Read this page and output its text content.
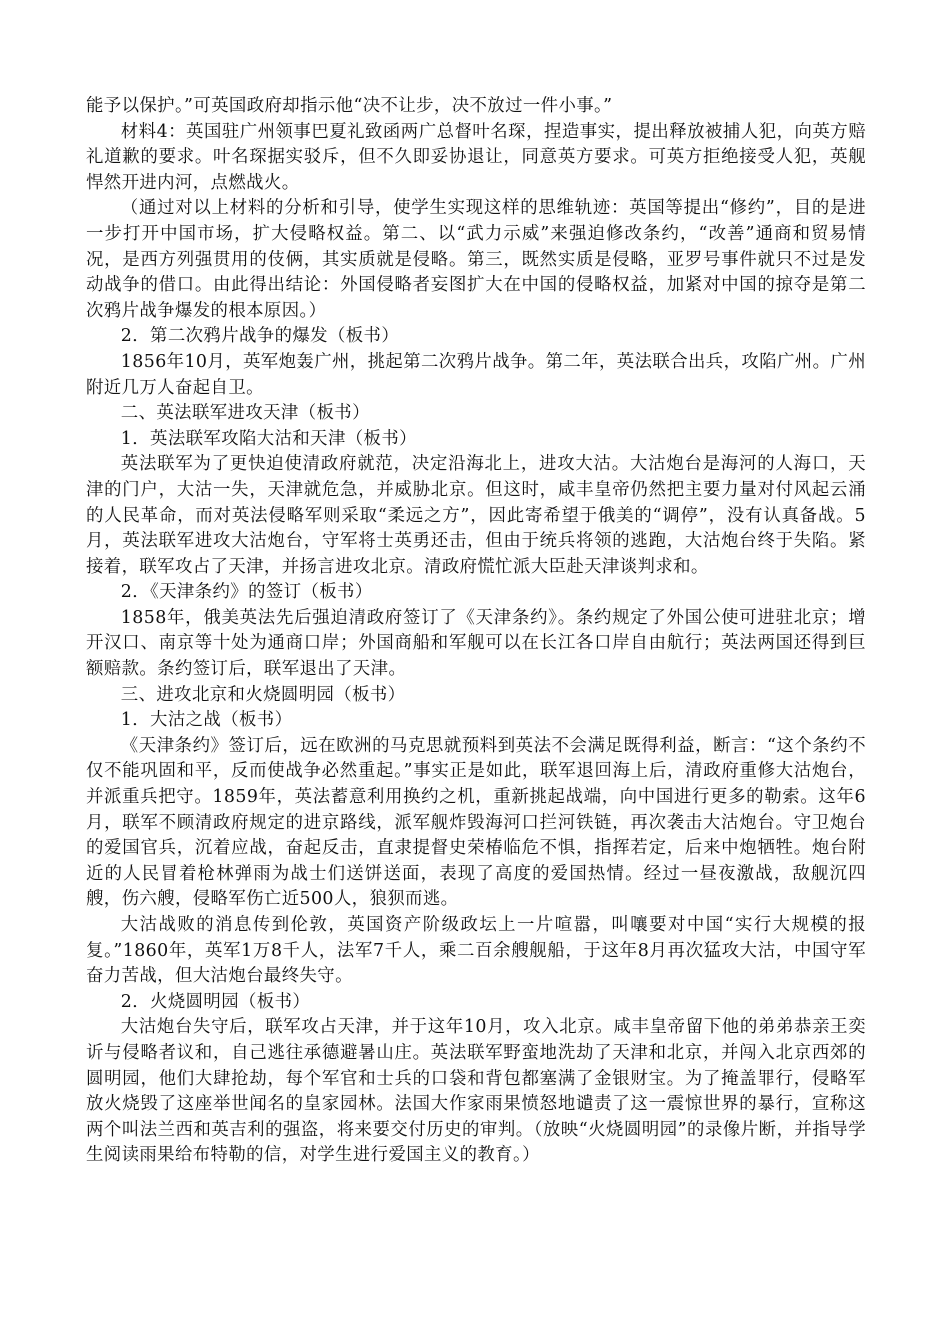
能予以保护。”可英国政府却指示他“决不让步，决不放过一件小事。”

材料4：英国驻广州领事巴夏礼致函两广总督叶名琛，捏造事实，提出释放被捕人犯，向英方赔礼道歉的要求。叶名琛据实驳斥，但不久即妥协退让，同意英方要求。可英方拒绝接受人犯，英舰悍然开进内河，点燃战火。

（通过对以上材料的分析和引导，使学生实现这样的思维轨迹：英国等提出“修约”，目的是进一步打开中国市场，扩大侵略权益。第二、以“武力示威”来强迫修改条约，“改善”通商和贸易情况，是西方列强贯用的伎俩，其实质就是侵略。第三，既然实质是侵略，亚罗号事件就只不过是发动战争的借口。由此得出结论：外国侵略者妄图扩大在中国的侵略权益，加紧对中国的掠夺是第二次鸦片战争爆发的根本原因。）

2．第二次鸦片战争的爆发（板书）

1856年10月，英军炮轰广州，挑起第二次鸦片战争。第二年，英法联合出兵，攻陷广州。广州附近几万人奋起自卫。

二、英法联军进攻天津（板书）

1．英法联军攻陷大沽和天津（板书）

英法联军为了更快迫使清政府就范，决定沿海北上，进攻大沽。大沽炮台是海河的人海口，天津的门户，大沽一失，天津就危急，并威胁北京。但这时，咸丰皇帝仍然把主要力量对付风起云涌的人民革命，而对英法侵略军则采取“柔远之方”，因此寄希望于俄美的“调停”，没有认真备战。5月，英法联军进攻大沽炮台，守军将士英勇还击，但由于统兵将领的逃跑，大沽炮台终于失陷。紧接着，联军攻占了天津，并扬言进攻北京。清政府慌忙派大臣赴天津谈判求和。

2．《天津条约》的签订（板书）

1858年，俄美英法先后强迫清政府签订了《天津条约》。条约规定了外国公使可进驻北京；增开汉口、南京等十处为通商口岸；外国商船和军舰可以在长江各口岸自由航行；英法两国还得到巨额赔款。条约签订后，联军退出了天津。

三、进攻北京和火烧圆明园（板书）

1．大沽之战（板书）

《天津条约》签订后，远在欧洲的马克思就预料到英法不会满足既得利益，断言：“这个条约不仅不能巩固和平，反而使战争必然重起。”事实正是如此，联军退回海上后，清政府重修大沽炮台，并派重兵把守。1859年，英法蓄意利用换约之机，重新挑起战端，向中国进行更多的勒索。这年6月，联军不顾清政府规定的进京路线，派军舰炸毁海河口拦河铁链，再次袭击大沽炮台。守卫炮台的爱国官兵，沉着应战，奋起反击，直隶提督史荣椿临危不惧，指挥若定，后来中炮牺牲。炮台附近的人民冒着枪林弹雨为战士们送饼送面，表现了高度的爱国热情。经过一昼夜激战，敌舰沉四艘，伤六艘，侵略军伤亡近500人，狼狈而逃。

大沽战败的消息传到伦敦，英国资产阶级政坛上一片喧嚣，叫嚷要对中国“实行大规模的报复。”1860年，英军1万8千人，法军7千人，乘二百余艘舰船，于这年8月再次猛攻大沽，中国守军奋力苦战，但大沽炮台最终失守。

2．火烧圆明园（板书）

大沽炮台失守后，联军攻占天津，并于这年10月，攻入北京。咸丰皇帝留下他的弟弟恭亲王奕䜣与侵略者议和，自己逃往承德避暑山庄。英法联军野蛮地洗劫了天津和北京，并闯入北京西郊的圆明园，他们大肆抢劫，每个军官和士兵的口袋和背包都塞满了金银财宝。为了掩盖罪行，侵略军放火烧毁了这座举世闻名的皇家园林。法国大作家雨果愤怒地谴责了这一震惊世界的暴行，宣称这两个叫法兰西和英吉利的强盗，将来要交付历史的审判。（放映“火烧圆明园”的录像片断，并指导学生阅读雨果给布特勒的信，对学生进行爱国主义的教育。）
